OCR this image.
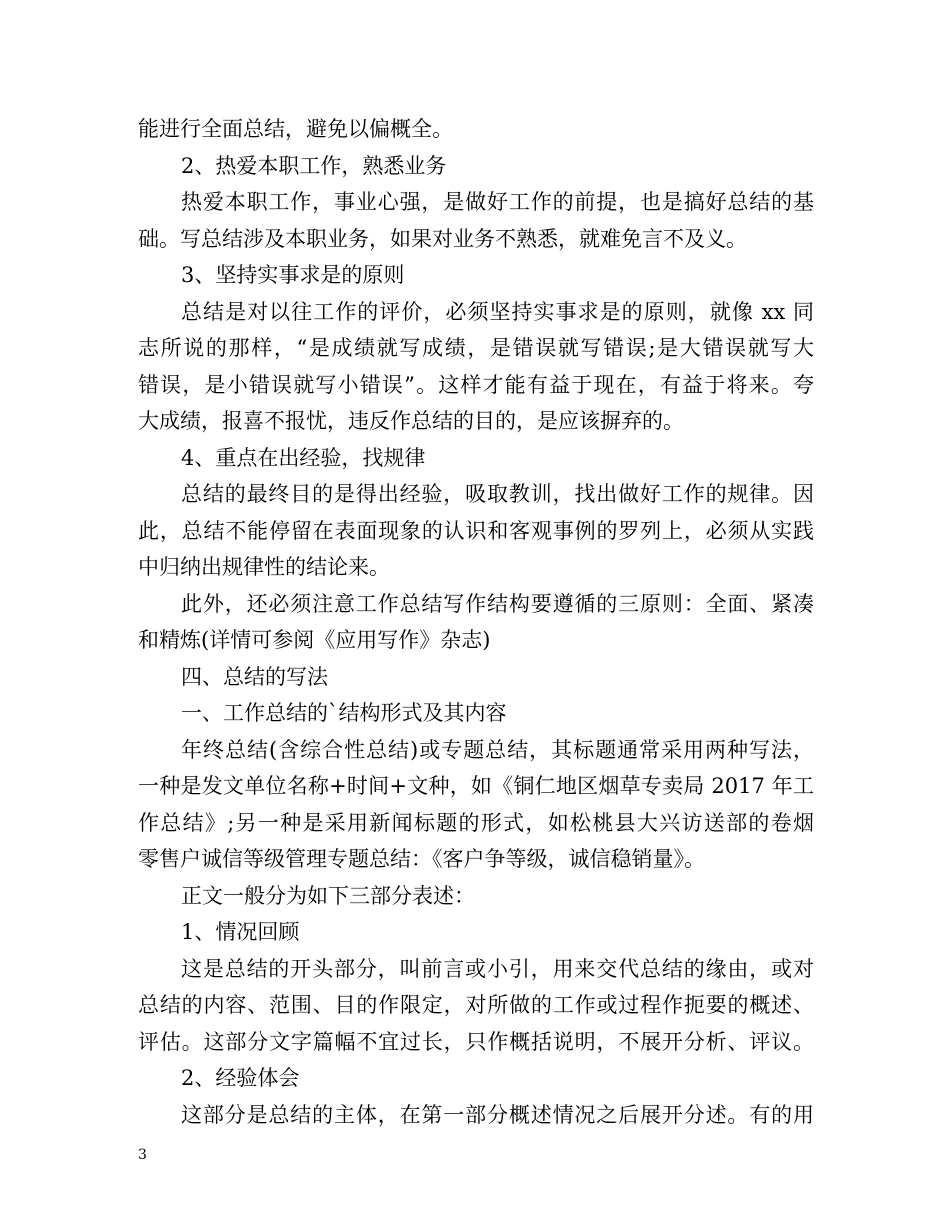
能进行全面总结，避免以偏概全。
2、热爱本职工作，熟悉业务
热爱本职工作，事业心强，是做好工作的前提，也是搞好总结的基
础。写总结涉及本职业务，如果对业务不熟悉，就难免言不及义。
3、坚持实事求是的原则
总结是对以往工作的评价，必须坚持实事求是的原则，就像 xx 同
志所说的那样，“是成绩就写成绩，是错误就写错误;是大错误就写大
错误，是小错误就写小错误”。这样才能有益于现在，有益于将来。夸
大成绩，报喜不报忧，违反作总结的目的，是应该摒弃的。
4、重点在出经验，找规律
总结的最终目的是得出经验，吸取教训，找出做好工作的规律。因
此，总结不能停留在表面现象的认识和客观事例的罗列上，必须从实践
中归纳出规律性的结论来。
此外，还必须注意工作总结写作结构要遵循的三原则：全面、紧凑
和精炼(详情可参阅《应用写作》杂志)
四、总结的写法
一、工作总结的`结构形式及其内容
年终总结(含综合性总结)或专题总结，其标题通常采用两种写法，
一种是发文单位名称+时间+文种，如《铜仁地区烟草专卖局 2017 年工
作总结》;另一种是采用新闻标题的形式，如松桃县大兴访送部的卷烟
零售户诚信等级管理专题总结：《客户争等级，诚信稳销量》。
正文一般分为如下三部分表述：
1、情况回顾
这是总结的开头部分，叫前言或小引，用来交代总结的缘由，或对
总结的内容、范围、目的作限定，对所做的工作或过程作扼要的概述、
评估。这部分文字篇幅不宜过长，只作概括说明，不展开分析、评议。
2、经验体会
这部分是总结的主体，在第一部分概述情况之后展开分述。有的用
3
